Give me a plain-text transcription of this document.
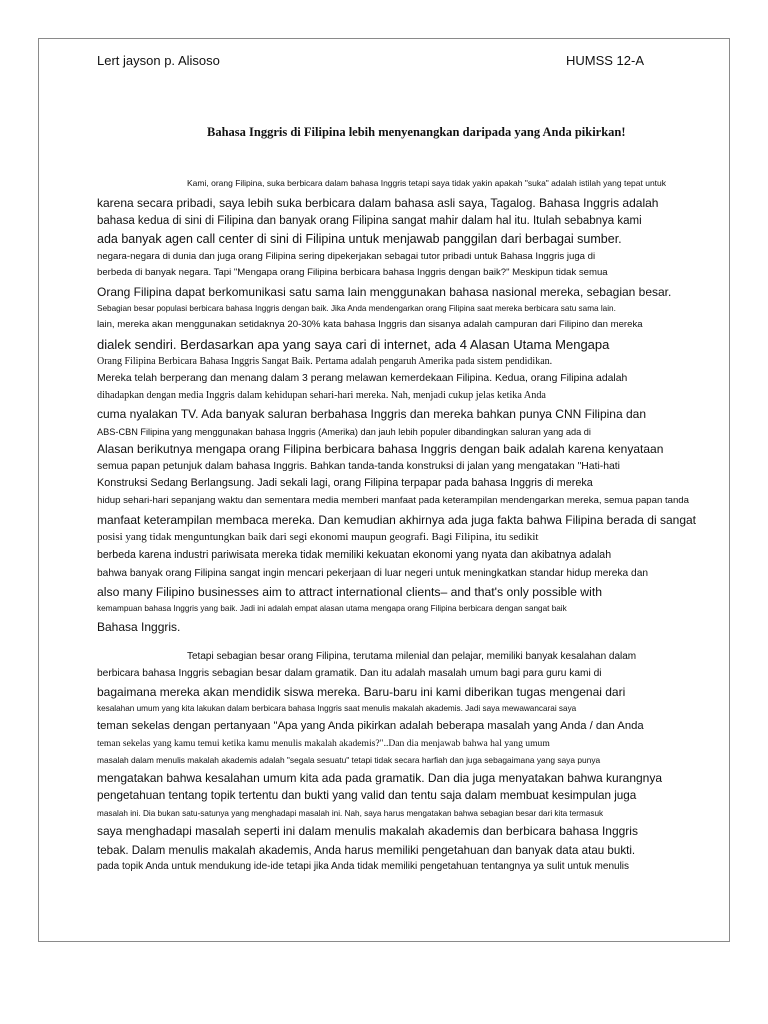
Lert jayson p. Alisoso	HUMSS 12-A
Bahasa Inggris di Filipina lebih menyenangkan daripada yang Anda pikirkan!
Kami, orang Filipina, suka berbicara dalam bahasa Inggris tetapi saya tidak yakin apakah "suka" adalah istilah yang tepat untuk
karena secara pribadi, saya lebih suka berbicara dalam bahasa asli saya, Tagalog. Bahasa Inggris adalah
bahasa kedua di sini di Filipina dan banyak orang Filipina sangat mahir dalam hal itu. Itulah sebabnya kami
ada banyak agen call center di sini di Filipina untuk menjawab panggilan dari berbagai sumber.
negara-negara di dunia dan juga orang Filipina sering dipekerjakan sebagai tutor pribadi untuk Bahasa Inggris juga di
berbeda di banyak negara. Tapi "Mengapa orang Filipina berbicara bahasa Inggris dengan baik?" Meskipun tidak semua
Orang Filipina dapat berkomunikasi satu sama lain menggunakan bahasa nasional mereka, sebagian besar.
Sebagian besar populasi berbicara bahasa Inggris dengan baik. Jika Anda mendengarkan orang Filipina saat mereka berbicara satu sama lain.
lain, mereka akan menggunakan setidaknya 20-30% kata bahasa Inggris dan sisanya adalah campuran dari Filipino dan mereka
dialek sendiri. Berdasarkan apa yang saya cari di internet, ada 4 Alasan Utama Mengapa
Orang Filipina Berbicara Bahasa Inggris Sangat Baik. Pertama adalah pengaruh Amerika pada sistem pendidikan.
Mereka telah berperang dan menang dalam 3 perang melawan kemerdekaan Filipina. Kedua, orang Filipina adalah
dihadapkan dengan media Inggris dalam kehidupan sehari-hari mereka. Nah, menjadi cukup jelas ketika Anda
cuma nyalakan TV. Ada banyak saluran berbahasa Inggris dan mereka bahkan punya CNN Filipina dan
ABS-CBN Filipina yang menggunakan bahasa Inggris (Amerika) dan jauh lebih populer dibandingkan saluran yang ada di
Alasan berikutnya mengapa orang Filipina berbicara bahasa Inggris dengan baik adalah karena kenyataan
semua papan petunjuk dalam bahasa Inggris. Bahkan tanda-tanda konstruksi di jalan yang mengatakan "Hati-hati
Konstruksi Sedang Berlangsung. Jadi sekali lagi, orang Filipina terpapar pada bahasa Inggris di mereka
hidup sehari-hari sepanjang waktu dan sementara media memberi manfaat pada keterampilan mendengarkan mereka, semua papan tanda
manfaat keterampilan membaca mereka. Dan kemudian akhirnya ada juga fakta bahwa Filipina berada di sangat
posisi yang tidak menguntungkan baik dari segi ekonomi maupun geografi. Bagi Filipina, itu sedikit
berbeda karena industri pariwisata mereka tidak memiliki kekuatan ekonomi yang nyata dan akibatnya adalah
bahwa banyak orang Filipina sangat ingin mencari pekerjaan di luar negeri untuk meningkatkan standar hidup mereka dan
also many Filipino businesses aim to attract international clients– and that's only possible with
kemampuan bahasa Inggris yang baik. Jadi ini adalah empat alasan utama mengapa orang Filipina berbicara dengan sangat baik
Bahasa Inggris.
Tetapi sebagian besar orang Filipina, terutama milenial dan pelajar, memiliki banyak kesalahan dalam
berbicara bahasa Inggris sebagian besar dalam gramatik. Dan itu adalah masalah umum bagi para guru kami di
bagaimana mereka akan mendidik siswa mereka. Baru-baru ini kami diberikan tugas mengenai dari
kesalahan umum yang kita lakukan dalam berbicara bahasa Inggris saat menulis makalah akademis. Jadi saya mewawancarai saya
teman sekelas dengan pertanyaan "Apa yang Anda pikirkan adalah beberapa masalah yang Anda / dan Anda
teman sekelas yang kamu temui ketika kamu menulis makalah akademis?"..Dan dia menjawab bahwa hal yang umum
masalah dalam menulis makalah akademis adalah "segala sesuatu" tetapi tidak secara harfiah dan juga sebagaimana yang saya punya
mengatakan bahwa kesalahan umum kita ada pada gramatik. Dan dia juga menyatakan bahwa kurangnya
pengetahuan tentang topik tertentu dan bukti yang valid dan tentu saja dalam membuat kesimpulan juga
masalah ini. Dia bukan satu-satunya yang menghadapi masalah ini. Nah, saya harus mengatakan bahwa sebagian besar dari kita termasuk
saya menghadapi masalah seperti ini dalam menulis makalah akademis dan berbicara bahasa Inggris
tebak. Dalam menulis makalah akademis, Anda harus memiliki pengetahuan dan banyak data atau bukti.
pada topik Anda untuk mendukung ide-ide tetapi jika Anda tidak memiliki pengetahuan tentangnya ya sulit untuk menulis
